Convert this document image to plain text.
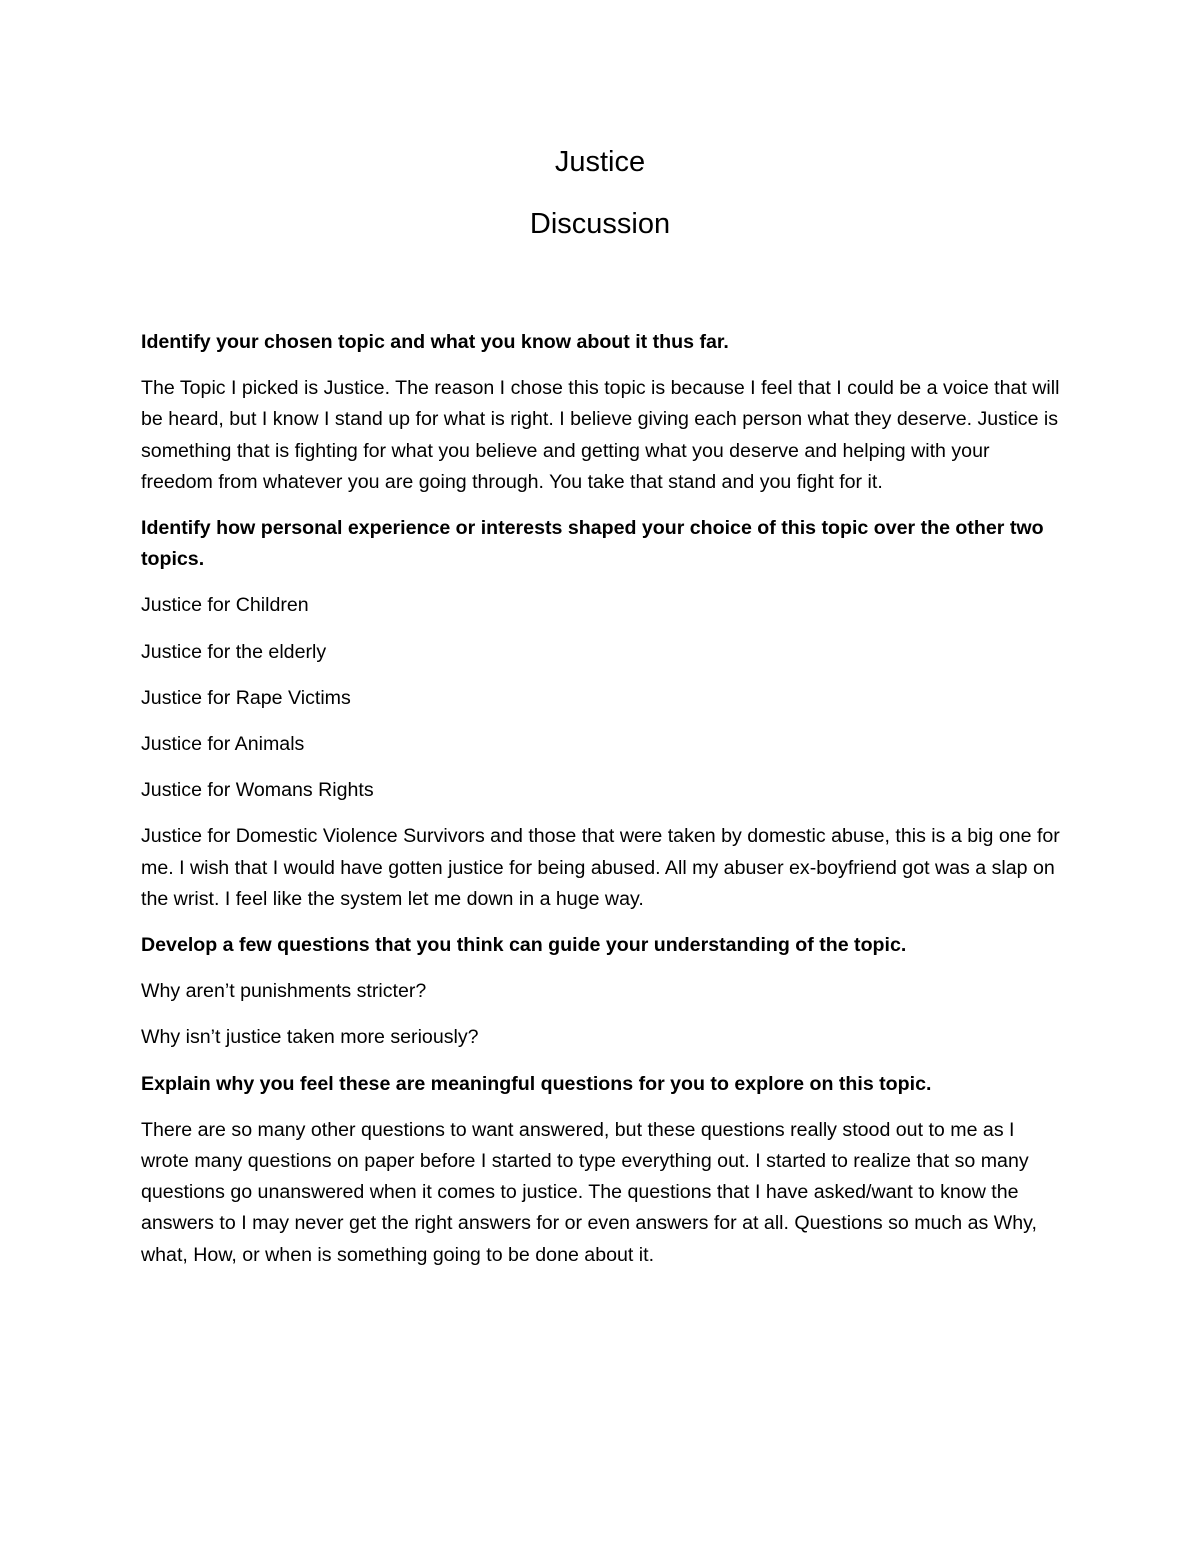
Justice
Discussion

Identify your chosen topic and what you know about it thus far.

The Topic I picked is Justice. The reason I chose this topic is because I feel that I could be a voice that will be heard, but I know I stand up for what is right. I believe giving each person what they deserve. Justice is something that is fighting for what you believe and getting what you deserve and helping with your freedom from whatever you are going through. You take that stand and you fight for it.

Identify how personal experience or interests shaped your choice of this topic over the other two topics.

Justice for Children

Justice for the elderly

Justice for Rape Victims

Justice for Animals

Justice for Womans Rights

Justice for Domestic Violence Survivors and those that were taken by domestic abuse, this is a big one for me. I wish that I would have gotten justice for being abused. All my abuser ex-boyfriend got was a slap on the wrist. I feel like the system let me down in a huge way.

Develop a few questions that you think can guide your understanding of the topic.

Why aren’t punishments stricter?

Why isn’t justice taken more seriously?

Explain why you feel these are meaningful questions for you to explore on this topic.

There are so many other questions to want answered, but these questions really stood out to me as I wrote many questions on paper before I started to type everything out. I started to realize that so many questions go unanswered when it comes to justice. The questions that I have asked/want to know the answers to I may never get the right answers for or even answers for at all. Questions so much as Why, what, How, or when is something going to be done about it.
